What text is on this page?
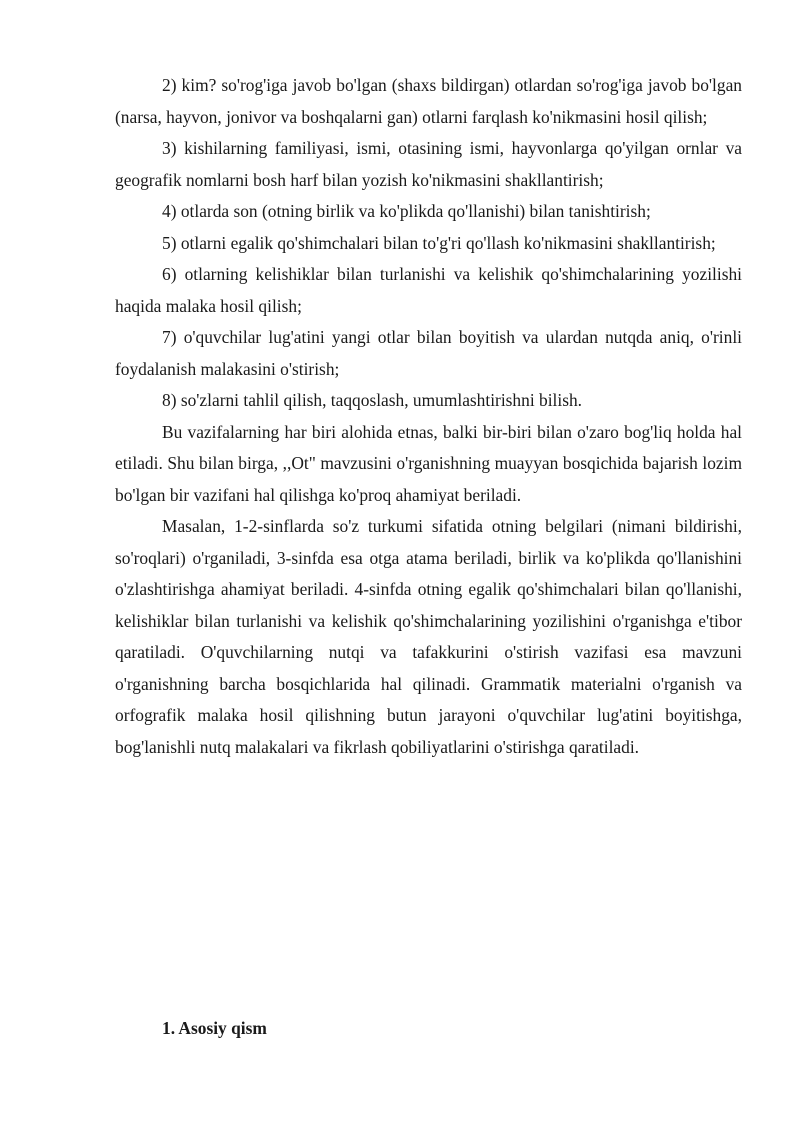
2) kim? so'rog'iga javob bo'lgan (shaxs bildirgan) otlardan so'rog'iga javob bo'lgan (narsa, hayvon, jonivor va boshqalarni gan) otlarni farqlash ko'nikmasini hosil qilish;

3) kishilarning familiyasi, ismi, otasining ismi, hayvonlarga qo'yilgan ornlar va geografik nomlarni bosh harf bilan yozish ko'nikmasini shakllantirish;

4) otlarda son (otning birlik va ko'plikda qo'llanishi) bilan tanishtirish;

5) otlarni egalik qo'shimchalari bilan to'g'ri qo'llash ko'nikmasini shakllantirish;

6) otlarning kelishiklar bilan turlanishi va kelishik qo'shimchalarining yozilishi haqida malaka hosil qilish;

7) o'quvchilar lug'atini yangi otlar bilan boyitish va ulardan nutqda aniq, o'rinli foydalanish malakasini o'stirish;

8) so'zlarni tahlil qilish, taqqoslash, umumlashtirishni bilish.

Bu vazifalarning har biri alohida etnas, balki bir-biri bilan o'zaro bog'liq holda hal etiladi. Shu bilan birga, ,,Ot" mavzusini o'rganishning muayyan bosqichida bajarish lozim bo'lgan bir vazifani hal qilishga ko'proq ahamiyat beriladi.

Masalan, 1-2-sinflarda so'z turkumi sifatida otning belgilari (nimani bildirishi, so'roqlari) o'rganiladi, 3-sinfda esa otga atama beriladi, birlik va ko'plikda qo'llanishini o'zlashtirishga ahamiyat beriladi. 4-sinfda otning egalik qo'shimchalari bilan qo'llanishi, kelishiklar bilan turlanishi va kelishik qo'shimchalarining yozilishini o'rganishga e'tibor qaratiladi. O'quvchilarning nutqi va tafakkurini o'stirish vazifasi esa mavzuni o'rganishning barcha bosqichlarida hal qilinadi. Grammatik materialni o'rganish va orfografik malaka hosil qilishning butun jarayoni o'quvchilar lug'atini boyitishga, bog'lanishli nutq malakalari va fikrlash qobiliyatlarini o'stirishga qaratiladi.

1. Asosiy qism
